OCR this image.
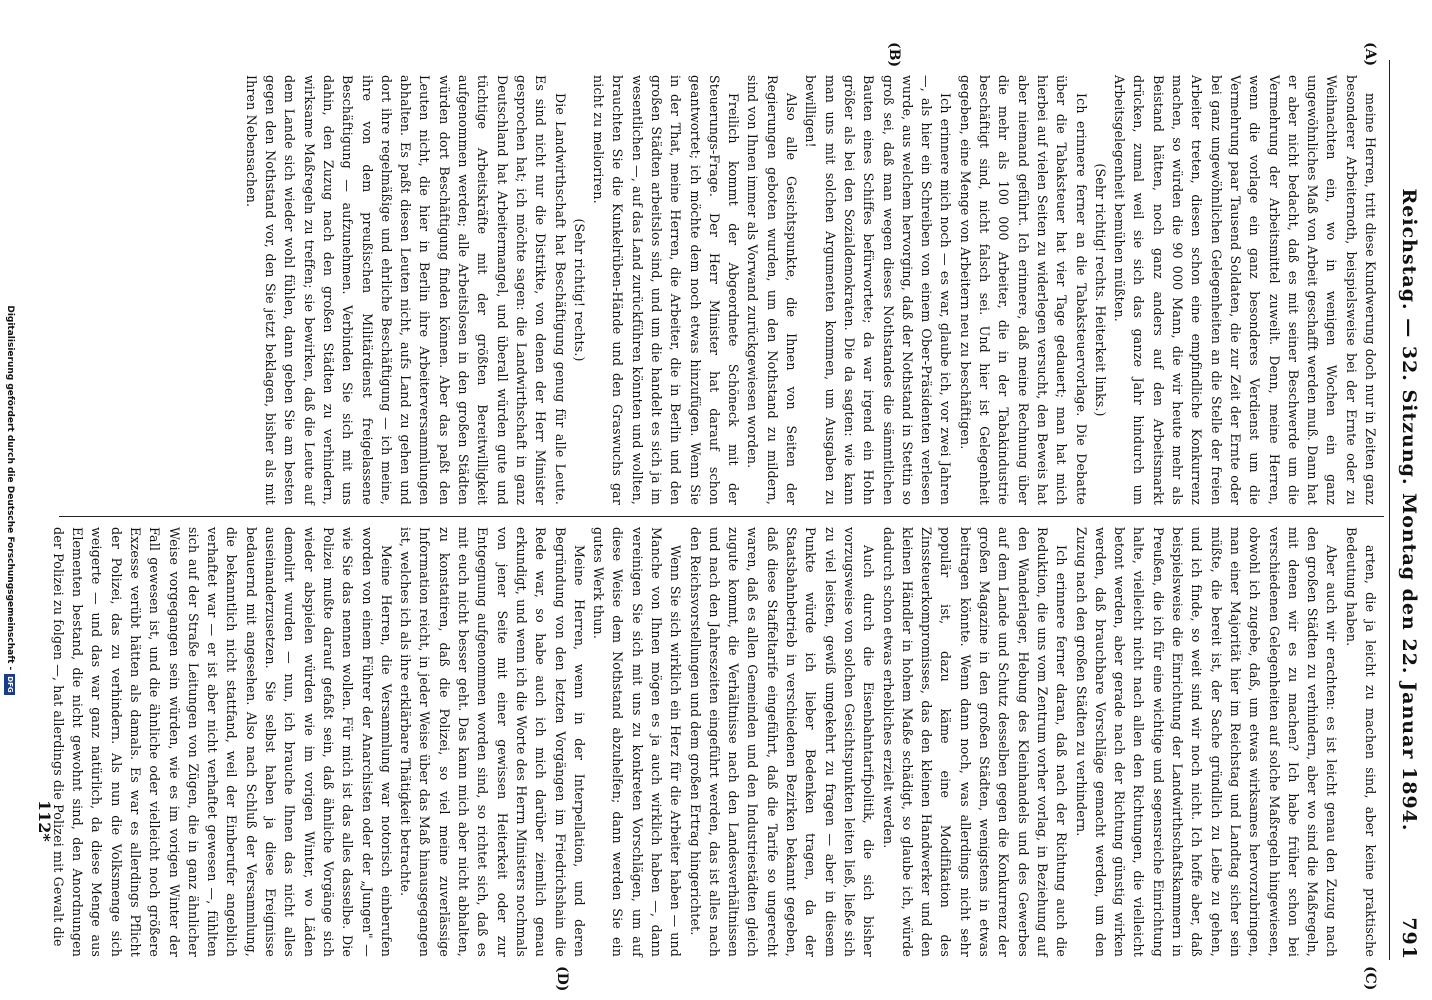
Reichstag. — 32. Sitzung. Montag den 22. Januar 1894.
791
(A)
(B)
(C)
(D)

meine Herren, tritt diese Kundwerung doch nur in Zeiten ganz besonderer Arbeiternoth, beispielsweise bei der Ernte oder zu Weihnachten ein, wo in wenigen Wochen ein ganz ungewöhnliches Maß von Arbeit geschafft werden muß. Dann hat er aber nicht bedacht, daß es mit seiner Beschwerde um die Vermehrung der Arbeitsmittel zuweilt. Denn, meine Herren, wenn die vorlage ein ganz besonderes Verdienst um die Vermehrung paar Tausend Soldaten, die zur Zeit der Ernte oder bei ganz ungewöhnlichen Gelegenheiten an die Stelle der freien Arbeiter treten, diesen schon eine empfindliche Konkurrenz machen, so würden die 90 000 Mann, die wir heute mehr als Beistand hätten, noch ganz anders auf den Arbeitsmarkt drücken, zumal weil sie sich das ganze Jahr hindurch um Arbeitsgelegenheit bemühen müßten.

(Sehr richtig! rechts. Heiterkeit links.)

Ich erinnere ferner an die Tabaksteuervorlage. Die Debatte über die Tabaksteuer hat vier Tage gedauert; man hat mich hierbei auf vielen Seiten zu widerlegen versucht, den Beweis hat aber niemand geführt. Ich erinnere, daß meine Rechnung über die mehr als 100 000 Arbeiter, die in der Tabakindustrie beschäftigt sind, nicht falsch sei. Und hier ist Gelegenheit gegeben, eine Menge von Arbeitern neu zu beschäftigen.

Ich erinnere mich noch — es war, glaube ich, vor zwei Jahren —, als hier ein Schreiben von einem Ober-Präsidenten verlesen wurde, aus welchem hervorging, daß der Nothstand in Stettin so groß sei, daß man wegen dieses Nothstandes die sämmtlichen Bauten eines Schiffes befürwortete; da war irgend ein Hohn größer als bei den Sozialdemokraten. Die da sagten: wie kann man uns mit solchen Argumenten kommen, um Ausgaben zu bewilligen!

Also alle Gesichtspunkte, die Ihnen von Seiten der Regierungen geboten wurden, um den Nothstand zu mildern, sind von Ihnen immer als Vorwand zurückgewiesen worden.

Freilich kommt der Abgeordnete Schöneck mit der Steuerungs-Frage. Der Herr Minister hat darauf schon geantwortet; ich möchte dem noch etwas hinzufügen. Wenn Sie in der That, meine Herren, die Arbeiter, die in Berlin und den großen Städten arbeitslos sind, und um die handelt es sich ja im wesentlichen —, auf das Land zurückführen könnten und wollten, brauchten Sie die Kunkelrüben-Hände und den Graswuchs gar nicht zu melioriren.

(Sehr richtig! rechts.)

Die Landwirthschaft hat Beschäftigung genug für alle Leute. Es sind nicht nur die Distrikte, von denen der Herr Minister gesprochen hat; ich möchte sagen: die Landwirthschaft in ganz Deutschland hat Arbeitermangel, und überall würden gute und tüchtige Arbeitskräfte mit der größten Bereitwilligkeit aufgenommen werden; alle Arbeitslosen in den großen Städten würden dort Beschäftigung finden können. Aber das paßt den Leuten nicht, die hier in Berlin ihre Arbeiterversammlungen abhalten. Es paßt diesen Leuten nicht, aufs Land zu gehen und dort ihre regelmäßige und ehrliche Beschäftigung — ich meine, ihre von dem preußischen Militärdienst freigelassene Beschäftigung — aufzunehmen. Verbinden Sie sich mit uns dahin, den Zuzug nach den großen Städten zu verhindern, wirksame Maßregeln zu treffen; sie bewirken, daß die Leute auf dem Lande sich wieder wohl fühlen, dann geben Sie am besten gegen den Nothstand vor, den Sie jetzt beklagen, bisher als mit Ihren Nebensachen.

arten, die ja leicht zu machen sind, aber keine praktische Bedeutung haben.

Aber auch wir erachten: es ist leicht genau den Zuzug nach den großen Städten zu verhindern, aber wo sind die Maßregeln, mit denen wir es zu machen? Ich habe früher schon bei verschiedenen Gelegenheiten auf solche Maßregeln hingewiesen, obwohl ich zugebe, daß, um etwas wirksames hervorzubringen, man einer Majorität hier im Reichstag und Landtag sicher sein müßte, die bereit ist, der Sache gründlich zu Leibe zu gehen, und ich finde, so weit sind wir noch nicht. Ich hoffe aber, daß beispielsweise die Einrichtung der Landwirthschaftskammern in Preußen, die ich für eine wichtige und segensreiche Einrichtung halte, vielleicht nicht nach allen den Richtungen, die vielleicht betont werden, aber gerade nach der Richtung günstig wirken werden, daß brauchbare Vorschläge gemacht werden, um den Zuzug nach den großen Städten zu verhindern.

Ich erinnere ferner daran, daß nach der Richtung auch die Reduktion, die uns vom Zentrum vorher vorlag, in Beziehung auf den Wanderlager, Hebung des Kleinhandels und des Gewerbes auf dem Lande und Schutz desselben gegen die Konkurrenz der großen Magazine in den großen Städten, wenigstens in etwas beitragen könnte. Wenn dann noch, was allerdings nicht sehr populär ist, dazu käme eine Modifikation des Zinssteuerkompromisses, das den kleinen Handwerker und den kleinen Händler in hohem Maße schädigt, so glaube ich, würde dadurch schon etwas erhebliches erzielt werden.

Auch durch die Eisenbahntarifpolitik, die sich bisher vorzugsweise von solchen Gesichtspunkten leiten ließ, ließe sich zu viel leisten, gewiß umgekehrt zu fragen — aber in diesem Punkte würde ich lieber Bedenken tragen, da der Staatsbahnbetrieb in verschiedenen Bezirken bekannt gegeben, daß diese Staffeltarife eingeführt, daß die Tarife so ungerecht waren, daß es allen Gemeinden und den Industriestädten gleich zugute kommt, die Verhältnisse nach den Landesverhältnissen und nach den Jahreszeiten eingeführt werden, das ist alles nach den Reichsvorstellungen und dem großen Ertrag hingerichtet.

Wenn Sie sich wirklich ein Herz für die Arbeiter haben — und Manche von Ihnen mögen es ja auch wirklich haben —, dann vereinigen Sie sich mit uns zu konkreten Vorschlägen, um auf diese Weise dem Nothstand abzuhelfen; dann werden Sie ein gutes Werk thun.

Meine Herren, wenn in der Interpellation, und deren Begründung von den letzten Vorgängen im Friedrichshain die Rede war, so habe auch ich mich darüber ziemlich genau erkundigt, und wenn ich die Worte des Herrn Ministers nochmals von jener Seite mit einer gewissen Heiterkeit oder zur Entgegnung aufgenommen worden sind, so richtet sich, daß es mit euch nicht besser geht. Das kann mich aber nicht abhalten, zu konstatiren, daß die Polizei, so viel meine zuverlässige Information reicht, in jeder Weise über das Maß hinausgegangen ist, welches ich als ihre erklärbare Thätigkeit betrachte.

Meine Herren, die Versammlung war notorisch einberufen worden von einem Führer der Anarchisten oder der „Jungen" — wie Sie das nennen wollen. Für mich ist das alles dasselbe. Die Polizei mußte darauf gefaßt sein, daß ähnliche Vorgänge sich wieder abspielen würden wie im vorigen Winter, wo Läden demolirt wurden — nun, ich brauche Ihnen das nicht alles auseinanderzusetzen. Sie selbst haben ja diese Ereignisse bedauernd mit angesehen. Also nach Schluß der Versammlung, die bekanntlich nicht stattfand, weil der Einberufer angeblich verhaftet war — er ist aber nicht verhaftet gewesen —, fühlten sich auf der Straße Leitungen von Zügen, die in ganz ähnlicher Weise vorgegangen sein würden, wie es im vorigen Winter der Fall gewesen ist, und die ähnliche oder vielleicht noch größere Exzesse verübt hätten als damals. Es war es allerdings Pflicht der Polizei, das zu verhindern. Als nun die Volksmenge sich weigerte — und das war ganz natürlich, da diese Menge aus Elementen bestand, die nicht gewohnt sind, den Anordnungen der Polizei zu folgen —, hat allerdings die Polizei mit Gewalt die

112*
Digitalisierung gefördert durch die Deutsche Forschungsgemeinschaft -
DFG
